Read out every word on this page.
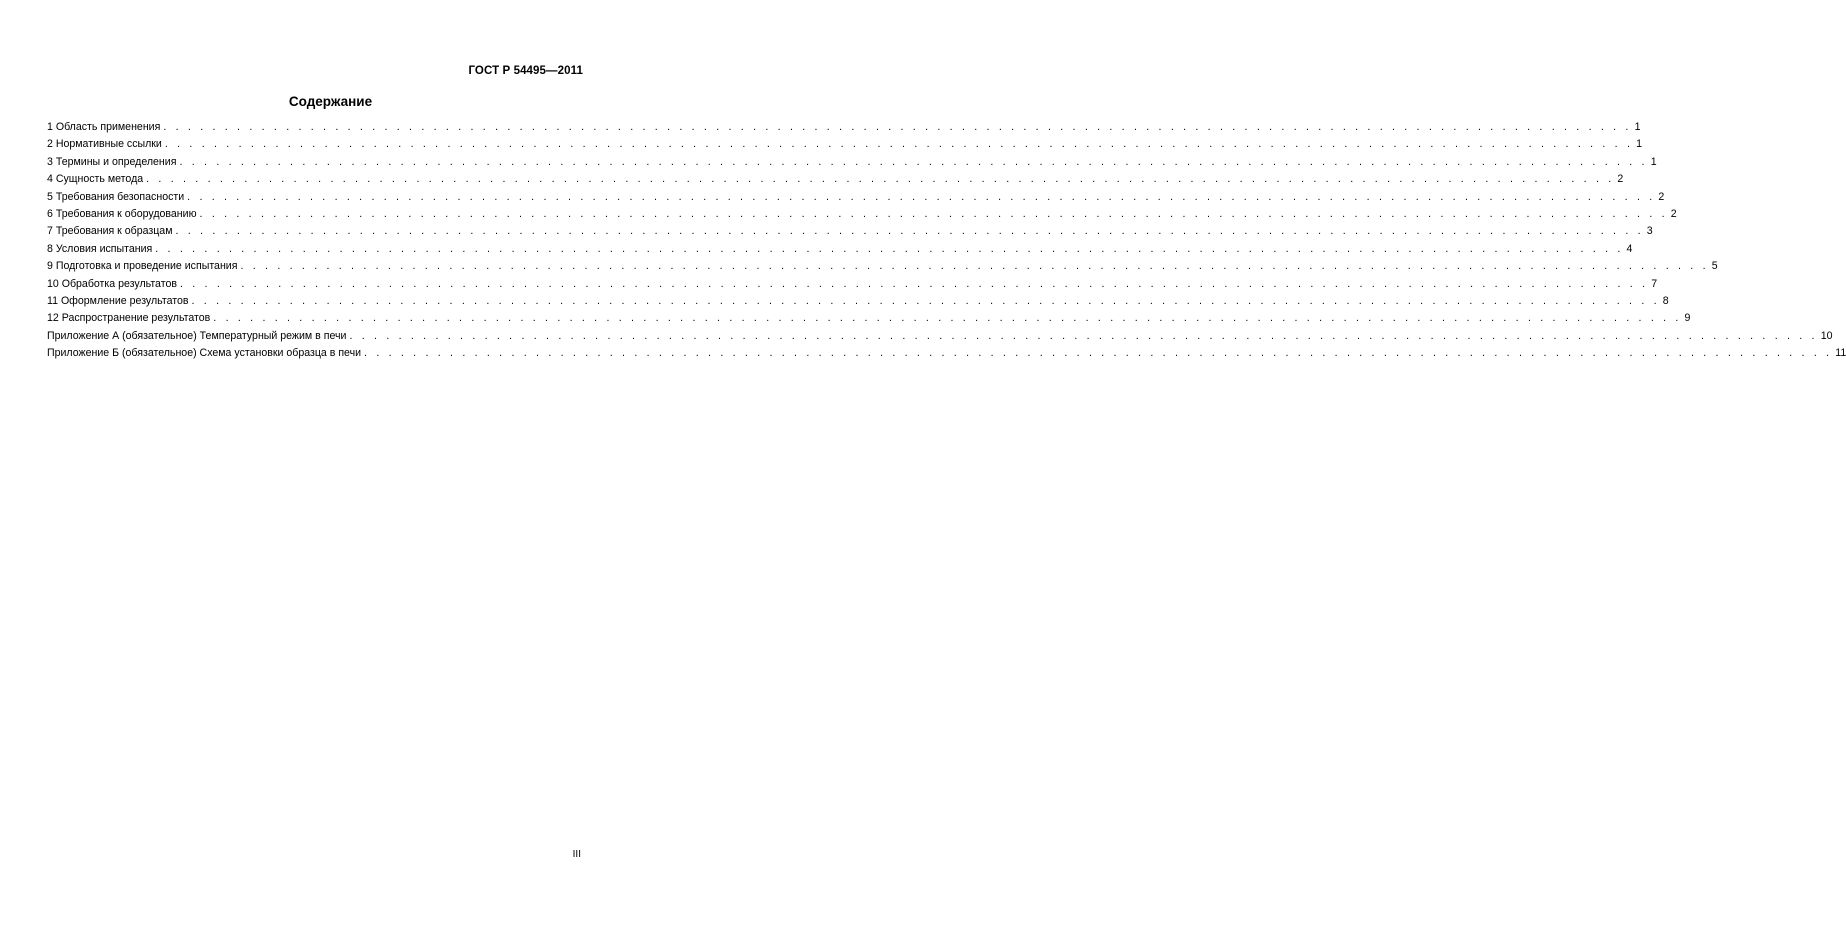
ГОСТ Р 54495—2011
Содержание
1 Область применения . . . . . . . . . . . . . . . . . . . . . . . . . . . . . . . . . . . . . . . . . . . . . . . . . . . . . . . . . . . . . . . . . . . . . . . . . . . . . . . . . . . . . . . . . . . . . . . . . . . . . . . . . . . . . . . . . . . . . . . . 1
2 Нормативные ссылки . . . . . . . . . . . . . . . . . . . . . . . . . . . . . . . . . . . . . . . . . . . . . . . . . . . . . . . . . . . . . . . . . . . . . . . . . . . . . . . . . . . . . . . . . . . . . . . . . . . . . . . . . . . . . . . . . . . . . . . . 1
3 Термины и определения . . . . . . . . . . . . . . . . . . . . . . . . . . . . . . . . . . . . . . . . . . . . . . . . . . . . . . . . . . . . . . . . . . . . . . . . . . . . . . . . . . . . . . . . . . . . . . . . . . . . . . . . . . . . . . . . . . . . . . . . 1
4 Сущность метода . . . . . . . . . . . . . . . . . . . . . . . . . . . . . . . . . . . . . . . . . . . . . . . . . . . . . . . . . . . . . . . . . . . . . . . . . . . . . . . . . . . . . . . . . . . . . . . . . . . . . . . . . . . . . . . . . . . . . . . . 2
5 Требования безопасности . . . . . . . . . . . . . . . . . . . . . . . . . . . . . . . . . . . . . . . . . . . . . . . . . . . . . . . . . . . . . . . . . . . . . . . . . . . . . . . . . . . . . . . . . . . . . . . . . . . . . . . . . . . . . . . . . . . . . . . . 2
6 Требования к оборудованию . . . . . . . . . . . . . . . . . . . . . . . . . . . . . . . . . . . . . . . . . . . . . . . . . . . . . . . . . . . . . . . . . . . . . . . . . . . . . . . . . . . . . . . . . . . . . . . . . . . . . . . . . . . . . . . . . . . . . . . . 2
7 Требования к образцам . . . . . . . . . . . . . . . . . . . . . . . . . . . . . . . . . . . . . . . . . . . . . . . . . . . . . . . . . . . . . . . . . . . . . . . . . . . . . . . . . . . . . . . . . . . . . . . . . . . . . . . . . . . . . . . . . . . . . . . . 3
8 Условия испытания . . . . . . . . . . . . . . . . . . . . . . . . . . . . . . . . . . . . . . . . . . . . . . . . . . . . . . . . . . . . . . . . . . . . . . . . . . . . . . . . . . . . . . . . . . . . . . . . . . . . . . . . . . . . . . . . . . . . . . . . 4
9 Подготовка и проведение испытания . . . . . . . . . . . . . . . . . . . . . . . . . . . . . . . . . . . . . . . . . . . . . . . . . . . . . . . . . . . . . . . . . . . . . . . . . . . . . . . . . . . . . . . . . . . . . . . . . . . . . . . . . . . . . . . . . . . . . . . . 5
10 Обработка результатов . . . . . . . . . . . . . . . . . . . . . . . . . . . . . . . . . . . . . . . . . . . . . . . . . . . . . . . . . . . . . . . . . . . . . . . . . . . . . . . . . . . . . . . . . . . . . . . . . . . . . . . . . . . . . . . . . . . . . . . . 7
11 Оформление результатов . . . . . . . . . . . . . . . . . . . . . . . . . . . . . . . . . . . . . . . . . . . . . . . . . . . . . . . . . . . . . . . . . . . . . . . . . . . . . . . . . . . . . . . . . . . . . . . . . . . . . . . . . . . . . . . . . . . . . . . . 8
12 Распространение результатов . . . . . . . . . . . . . . . . . . . . . . . . . . . . . . . . . . . . . . . . . . . . . . . . . . . . . . . . . . . . . . . . . . . . . . . . . . . . . . . . . . . . . . . . . . . . . . . . . . . . . . . . . . . . . . . . . . . . . . . . 9
Приложение А (обязательное) Температурный режим в печи . . . . . . . . . . . . . . . . . . . . . . . . . . . . . . . . . . . . . . . . . . . . . . . . . . . . . . . . . . . . . . . . . . . . . . . . . . . . . . . . . . . . . . . . . . . . . . . . . . . . . . . . . . . . . . . . . . . . . . . . 10
Приложение Б (обязательное) Схема установки образца в печи . . . . . . . . . . . . . . . . . . . . . . . . . . . . . . . . . . . . . . . . . . . . . . . . . . . . . . . . . . . . . . . . . . . . . . . . . . . . . . . . . . . . . . . . . . . . . . . . . . . . . . . . . . . . . . . . . . . . . . . . 11
III
